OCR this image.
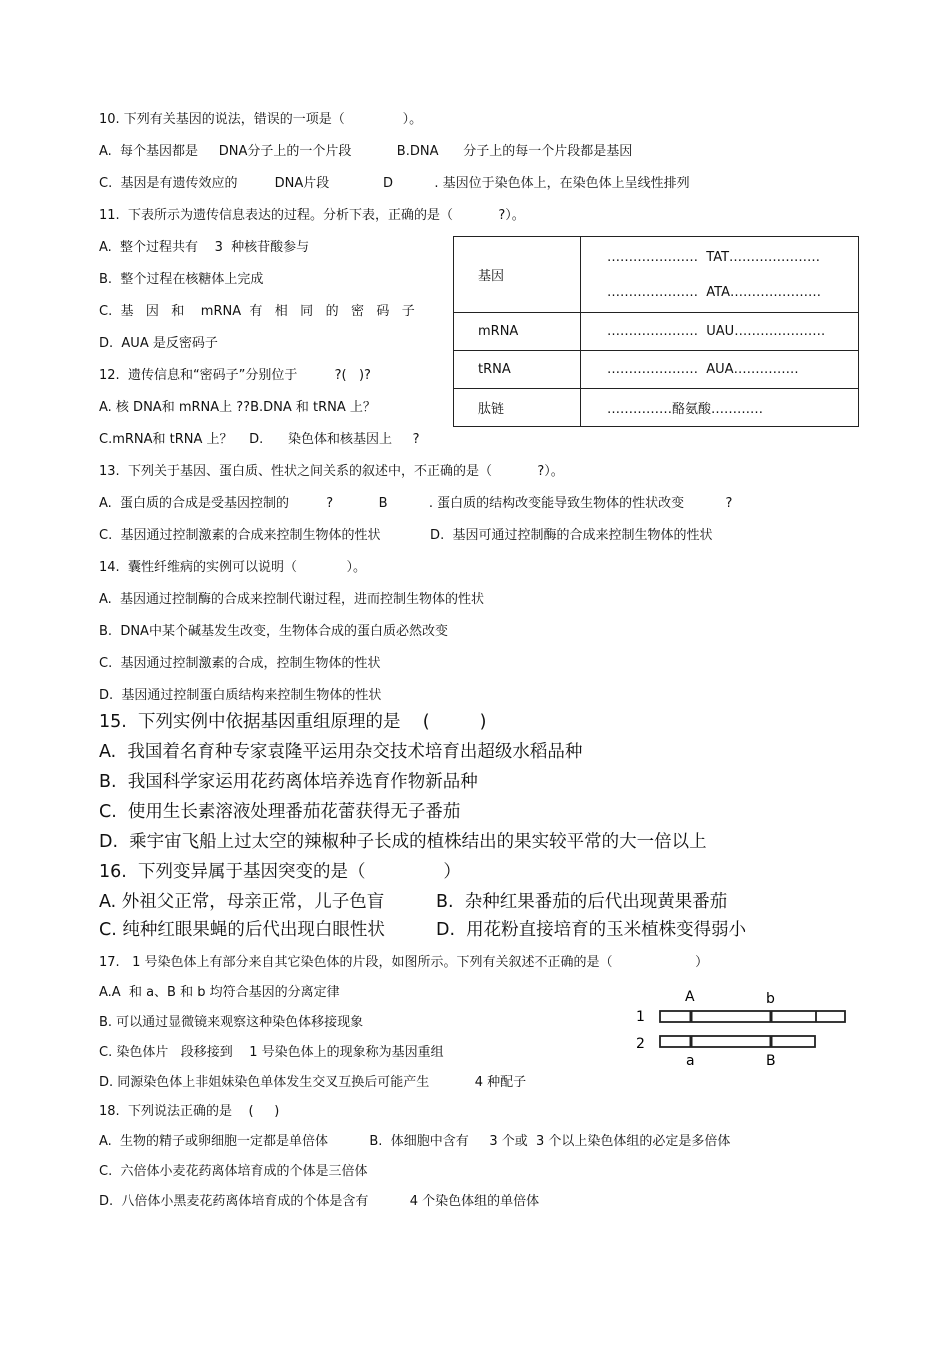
10. 下列有关基因的说法，错误的一项是（              ）。
A.  每个基因都是     DNA分子上的一个片段           B.DNA      分子上的每一个片段都是基因
C.  基因是有遗传效应的         DNA片段             D          . 基因位于染色体上，在染色体上呈线性排列
11.  下表所示为遗传信息表达的过程。分析下表，正确的是（           ?）。
A.  整个过程共有    3  种核苷酸参与
B.  整个过程在核糖体上完成
C.  基   因   和    mRNA  有   相   同   的   密   码   子
D.  AUA 是反密码子
基因	…………………  TAT…………………
…………………  ATA…………………

mRNA	…………………  UAU…………………
tRNA	…………………  AUA……………
肽链	……………酪氨酸…………
12.  遗传信息和“密码子”分别位于         ?(   )?
A. 核 DNA和 mRNA上 ??B.DNA 和 tRNA 上？
C.mRNA和 tRNA 上？    D.      染色体和核基因上     ?
13.  下列关于基因、蛋白质、性状之间关系的叙述中，不正确的是（           ?）。
A.  蛋白质的合成是受基因控制的         ?           B          . 蛋白质的结构改变能导致生物体的性状改变          ?
C.  基因通过控制激素的合成来控制生物体的性状            D.  基因可通过控制酶的合成来控制生物体的性状
14.  囊性纤维病的实例可以说明（            ）。
A.  基因通过控制酶的合成来控制代谢过程，进而控制生物体的性状
B.  DNA中某个碱基发生改变，生物体合成的蛋白质必然改变
C.  基因通过控制激素的合成，控制生物体的性状
D.  基因通过控制蛋白质结构来控制生物体的性状
15.  下列实例中依据基因重组原理的是    (         )
A.  我国着名育种专家袁隆平运用杂交技术培育出超级水稻品种
B.  我国科学家运用花药离体培养选育作物新品种
C.  使用生长素溶液处理番茄花蕾获得无子番茄
D.  乘宇宙飞船上过太空的辣椒种子长成的植株结出的果实较平常的大一倍以上
16.  下列变异属于基因突变的是（              ）
A. 外祖父正常，母亲正常，儿子色盲	B.  杂种红果番茄的后代出现黄果番茄
C. 纯种红眼果蝇的后代出现白眼性状	D.  用花粉直接培育的玉米植株变得弱小
17.   1 号染色体上有部分来自其它染色体的片段，如图所示。下列有关叙述不正确的是（                    ）
A.A  和 a、B 和 b 均符合基因的分离定律
B. 可以通过显微镜来观察这种染色体移接现象
C. 染色体片   段移接到    1 号染色体上的现象称为基因重组
D. 同源染色体上非姐妹染色单体发生交叉互换后可能产生           4 种配子
A	b
1
2
a	B
18.  下列说法正确的是    (     )
A.  生物的精子或卵细胞一定都是单倍体          B.  体细胞中含有     3 个或  3 个以上染色体组的必定是多倍体
C.  六倍体小麦花药离体培育成的个体是三倍体
D.  八倍体小黑麦花药离体培育成的个体是含有          4 个染色体组的单倍体
